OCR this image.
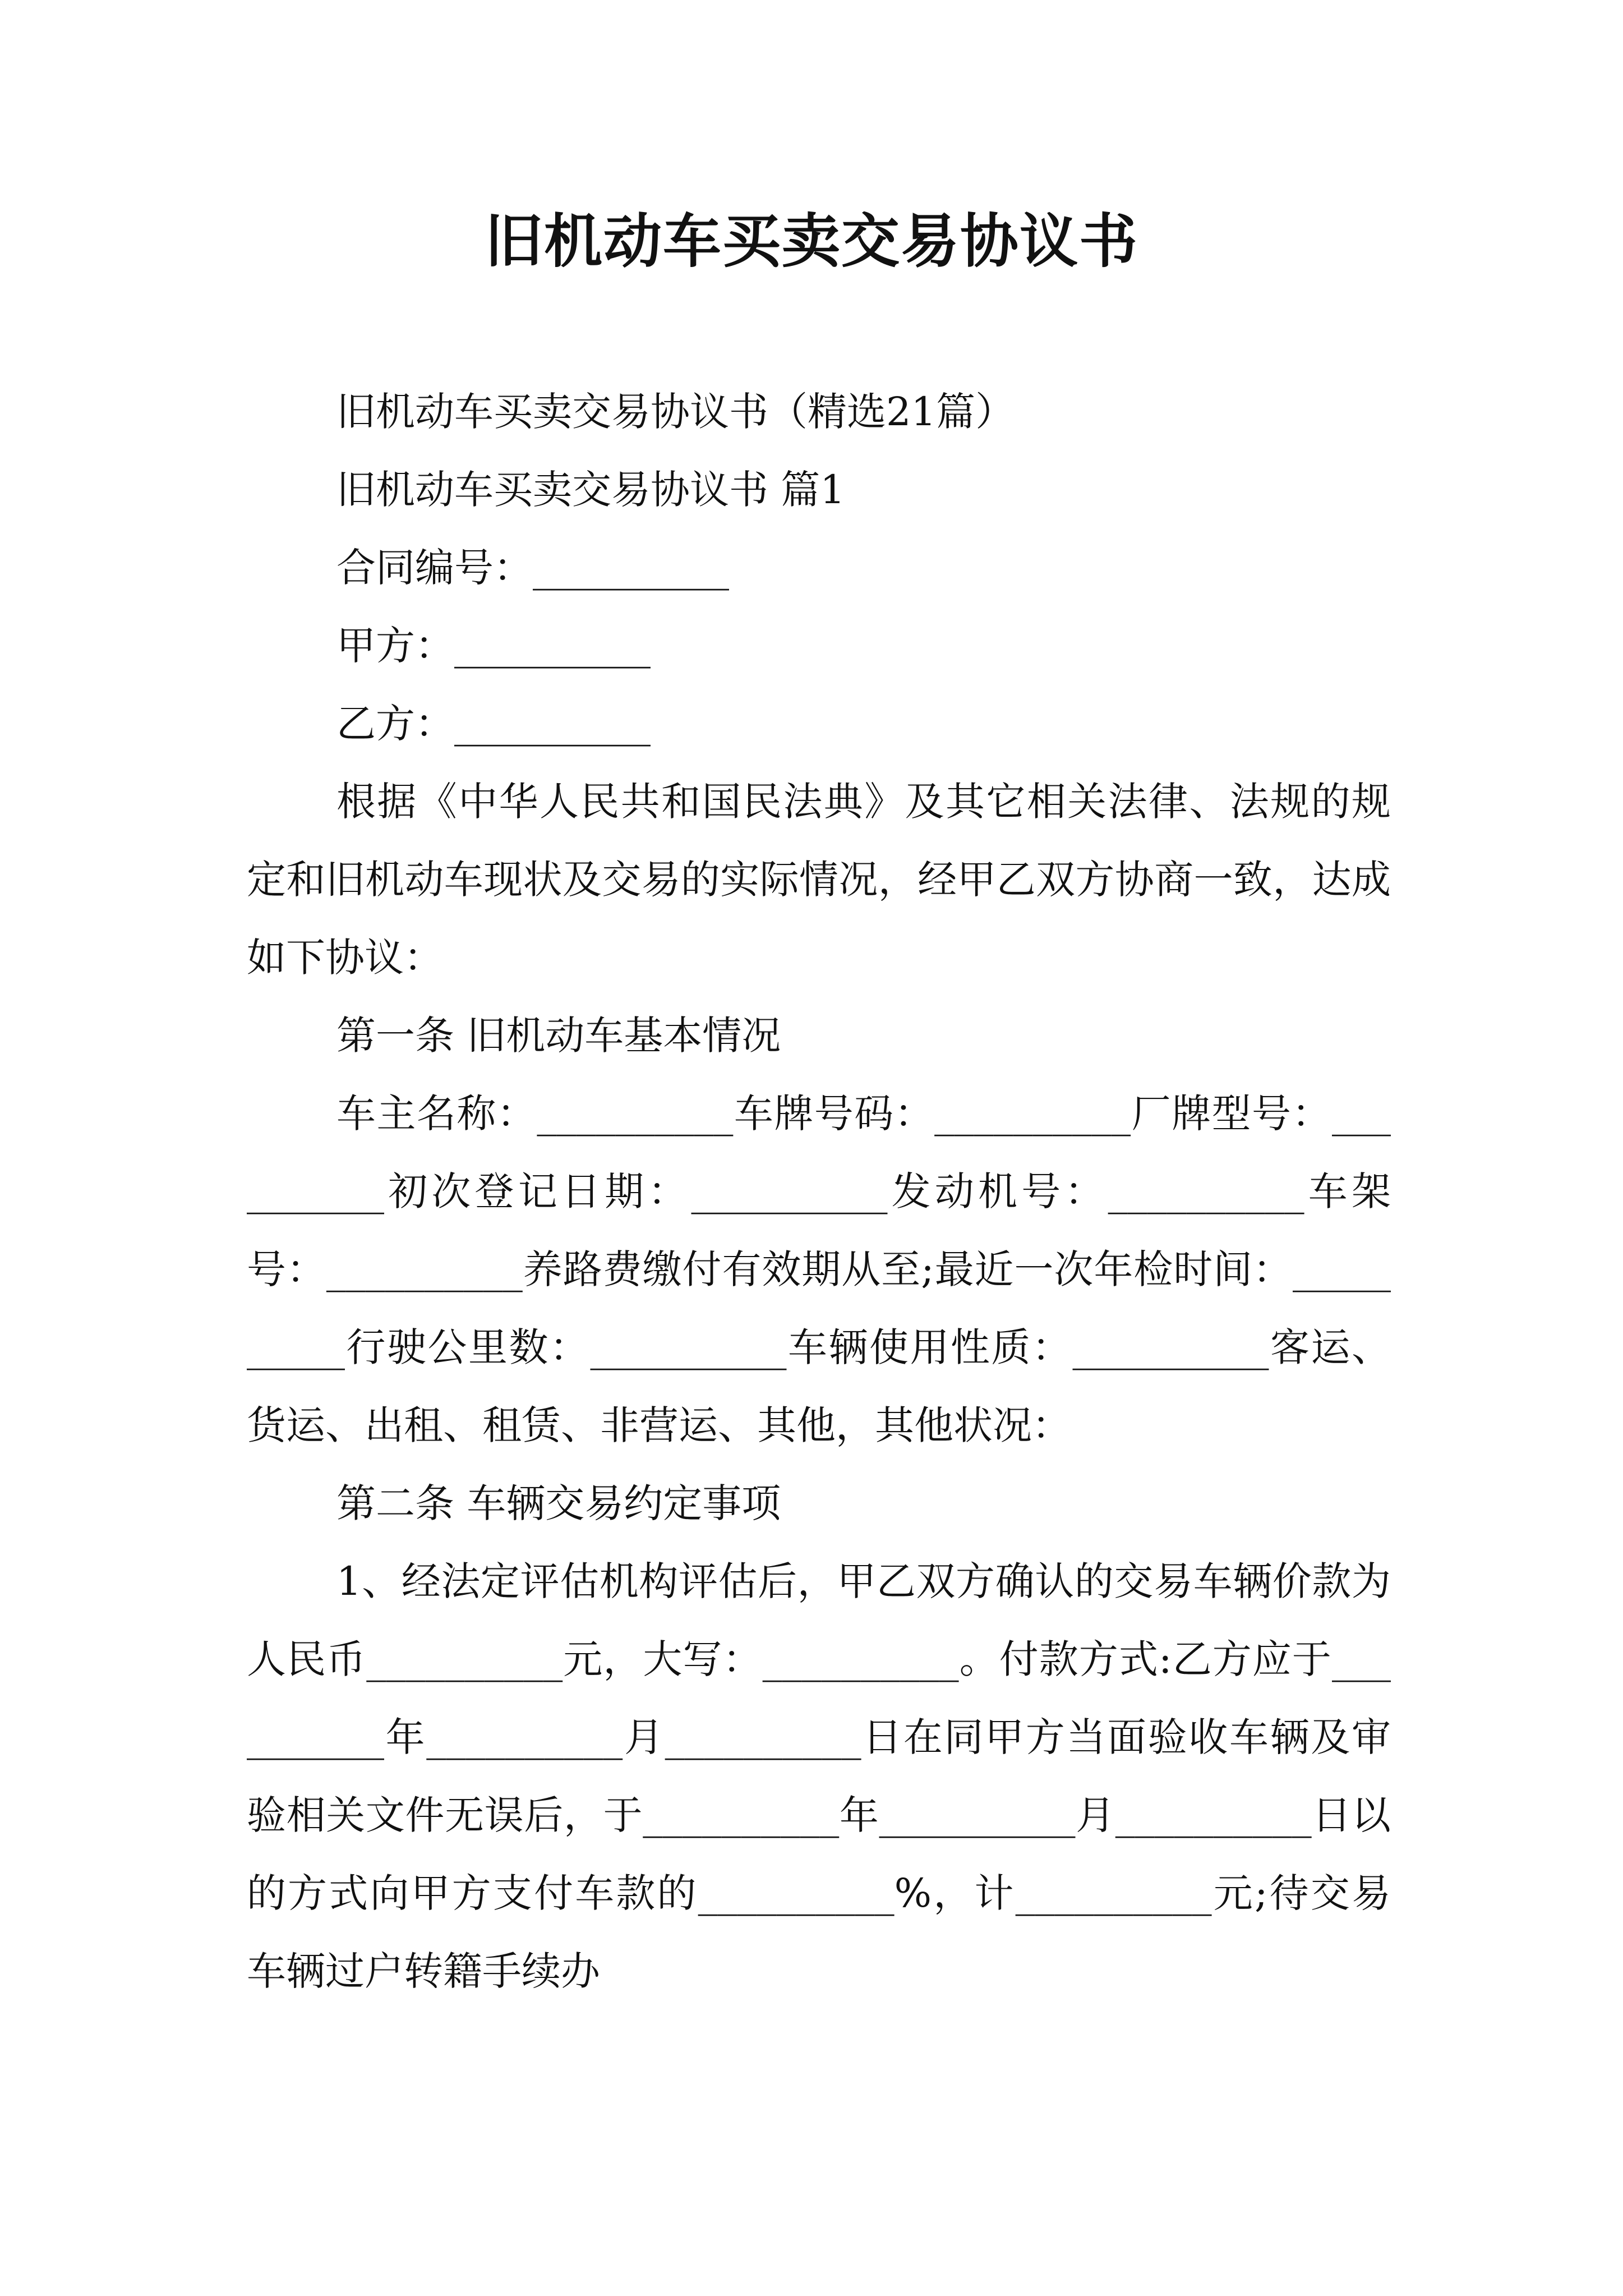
旧机动车买卖交易协议书

旧机动车买卖交易协议书（精选21篇）

旧机动车买卖交易协议书 篇1

合同编号：__________

甲方：__________

乙方：__________

根据《中华人民共和国民法典》及其它相关法律、法规的规定和旧机动车现状及交易的实际情况，经甲乙双方协商一致，达成如下协议：

第一条 旧机动车基本情况

车主名称：__________车牌号码：__________厂牌型号：__________初次登记日期：__________发动机号：__________车架号：__________养路费缴付有效期从至;最近一次年检时间：__________行驶公里数：__________车辆使用性质：__________客运、货运、出租、租赁、非营运、其他，其他状况：

第二条 车辆交易约定事项

1、经法定评估机构评估后，甲乙双方确认的交易车辆价款为人民币__________元，大写：__________。付款方式:乙方应于__________年__________月__________日在同甲方当面验收车辆及审验相关文件无误后，于__________年__________月__________日以的方式向甲方支付车款的__________%，计__________元;待交易车辆过户转籍手续办
